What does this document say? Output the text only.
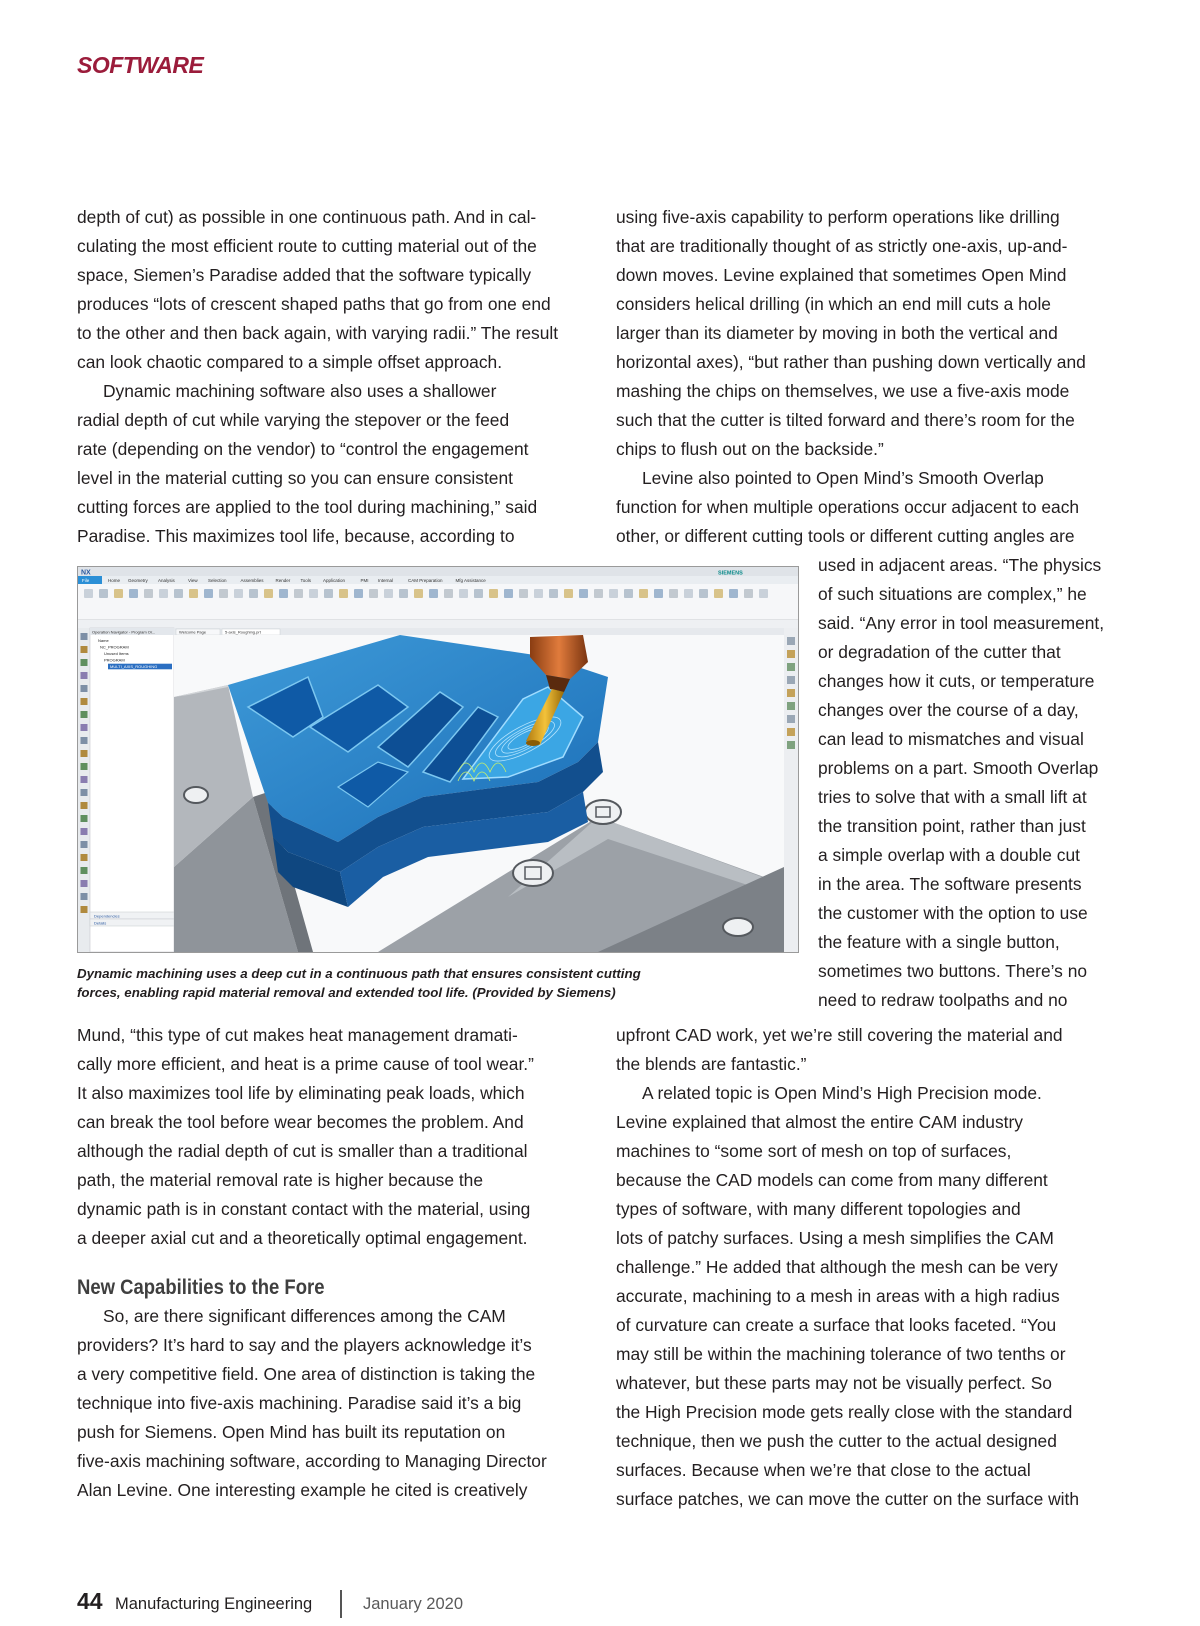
SOFTWARE
depth of cut) as possible in one continuous path. And in cal-
culating the most efficient route to cutting material out of the
space, Siemen’s Paradise added that the software typically
produces “lots of crescent shaped paths that go from one end
to the other and then back again, with varying radii.” The result
can look chaotic compared to a simple offset approach.
Dynamic machining software also uses a shallower
radial depth of cut while varying the stepover or the feed
rate (depending on the vendor) to “control the engagement
level in the material cutting so you can ensure consistent
cutting forces are applied to the tool during machining,” said
Paradise. This maximizes tool life, because, according to
using five-axis capability to perform operations like drilling
that are traditionally thought of as strictly one-axis, up-and-
down moves. Levine explained that sometimes Open Mind
considers helical drilling (in which an end mill cuts a hole
larger than its diameter by moving in both the vertical and
horizontal axes), “but rather than pushing down vertically and
mashing the chips on themselves, we use a five-axis mode
such that the cutter is tilted forward and there’s room for the
chips to flush out on the backside.”
Levine also pointed to Open Mind’s Smooth Overlap
function for when multiple operations occur adjacent to each
other, or different cutting tools or different cutting angles are
NX	SIEMENS
File	Home Geometry Analysis	View Selection	Assemblies	Render Tools	Application	PMI Internal	CAM Preparation	Mfg Assistance
Operation Navigator - Program Or...
Name
NC_PROGRAM
Unused Items
PROGRAM
MULTI_AXIS_ROUGHING
Dependencies
Details
Welcome Page	5-axis_Roughing.prt
used in adjacent areas. “The physics
of such situations are complex,” he
said. “Any error in tool measurement,
or degradation of the cutter that
changes how it cuts, or temperature
changes over the course of a day,
can lead to mismatches and visual
problems on a part. Smooth Overlap
tries to solve that with a small lift at
the transition point, rather than just
a simple overlap with a double cut
in the area. The software presents
the customer with the option to use
the feature with a single button,
sometimes two buttons. There’s no
need to redraw toolpaths and no
Dynamic machining uses a deep cut in a continuous path that ensures consistent cutting
forces, enabling rapid material removal and extended tool life. (Provided by Siemens)
Mund, “this type of cut makes heat management dramati-
cally more efficient, and heat is a prime cause of tool wear.”
It also maximizes tool life by eliminating peak loads, which
can break the tool before wear becomes the problem. And
although the radial depth of cut is smaller than a traditional
path, the material removal rate is higher because the
dynamic path is in constant contact with the material, using
a deeper axial cut and a theoretically optimal engagement.
New Capabilities to the Fore
So, are there significant differences among the CAM
providers? It’s hard to say and the players acknowledge it’s
a very competitive field. One area of distinction is taking the
technique into five-axis machining. Paradise said it’s a big
push for Siemens. Open Mind has built its reputation on
five-axis machining software, according to Managing Director
Alan Levine. One interesting example he cited is creatively
upfront CAD work, yet we’re still covering the material and
the blends are fantastic.”
A related topic is Open Mind’s High Precision mode.
Levine explained that almost the entire CAM industry
machines to “some sort of mesh on top of surfaces,
because the CAD models can come from many different
types of software, with many different topologies and
lots of patchy surfaces. Using a mesh simplifies the CAM
challenge.” He added that although the mesh can be very
accurate, machining to a mesh in areas with a high radius
of curvature can create a surface that looks faceted. “You
may still be within the machining tolerance of two tenths or
whatever, but these parts may not be visually perfect. So
the High Precision mode gets really close with the standard
technique, then we push the cutter to the actual designed
surfaces. Because when we’re that close to the actual
surface patches, we can move the cutter on the surface with
44 Manufacturing Engineering	January 2020
